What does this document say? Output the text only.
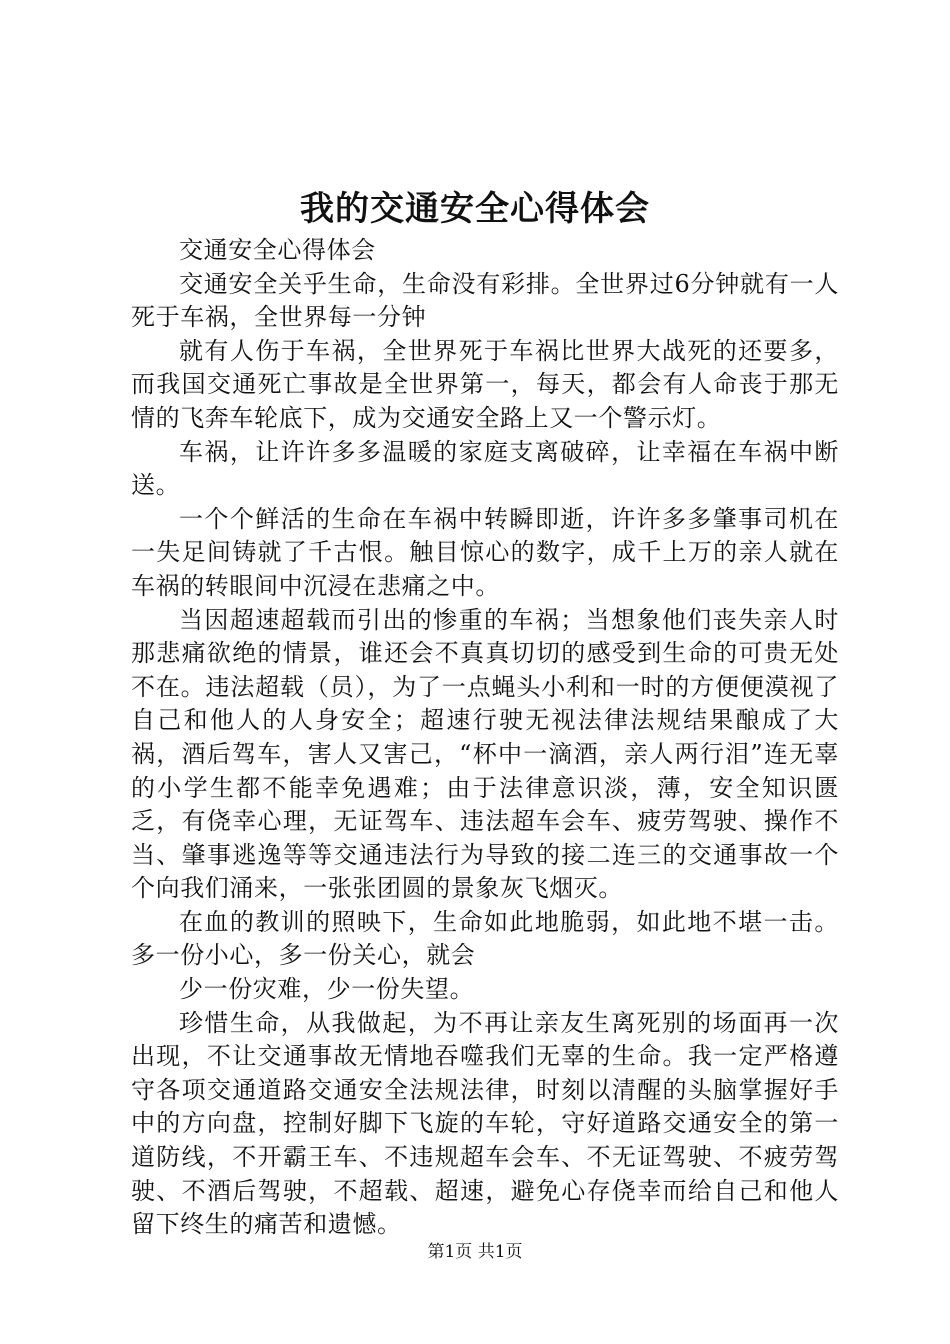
我的交通安全心得体会

交通安全心得体会

交通安全关乎生命，生命没有彩排。全世界过6分钟就有一人死于车祸，全世界每一分钟

就有人伤于车祸，全世界死于车祸比世界大战死的还要多，而我国交通死亡事故是全世界第一，每天，都会有人命丧于那无情的飞奔车轮底下，成为交通安全路上又一个警示灯。

车祸，让许许多多温暖的家庭支离破碎，让幸福在车祸中断送。

一个个鲜活的生命在车祸中转瞬即逝，许许多多肇事司机在一失足间铸就了千古恨。触目惊心的数字，成千上万的亲人就在车祸的转眼间中沉浸在悲痛之中。

当因超速超载而引出的惨重的车祸；当想象他们丧失亲人时那悲痛欲绝的情景，谁还会不真真切切的感受到生命的可贵无处不在。违法超载（员），为了一点蝇头小利和一时的方便便漠视了自己和他人的人身安全；超速行驶无视法律法规结果酿成了大祸，酒后驾车，害人又害己，“杯中一滴酒，亲人两行泪”连无辜的小学生都不能幸免遇难；由于法律意识淡，薄，安全知识匮乏，有侥幸心理，无证驾车、违法超车会车、疲劳驾驶、操作不当、肇事逃逸等等交通违法行为导致的接二连三的交通事故一个个向我们涌来，一张张团圆的景象灰飞烟灭。

在血的教训的照映下，生命如此地脆弱，如此地不堪一击。多一份小心，多一份关心，就会

少一份灾难，少一份失望。

珍惜生命，从我做起，为不再让亲友生离死别的场面再一次出现，不让交通事故无情地吞噬我们无辜的生命。我一定严格遵守各项交通道路交通安全法规法律，时刻以清醒的头脑掌握好手中的方向盘，控制好脚下飞旋的车轮，守好道路交通安全的第一道防线，不开霸王车、不违规超车会车、不无证驾驶、不疲劳驾驶、不酒后驾驶，不超载、超速，避免心存侥幸而给自己和他人留下终生的痛苦和遗憾。

第1页 共1页
